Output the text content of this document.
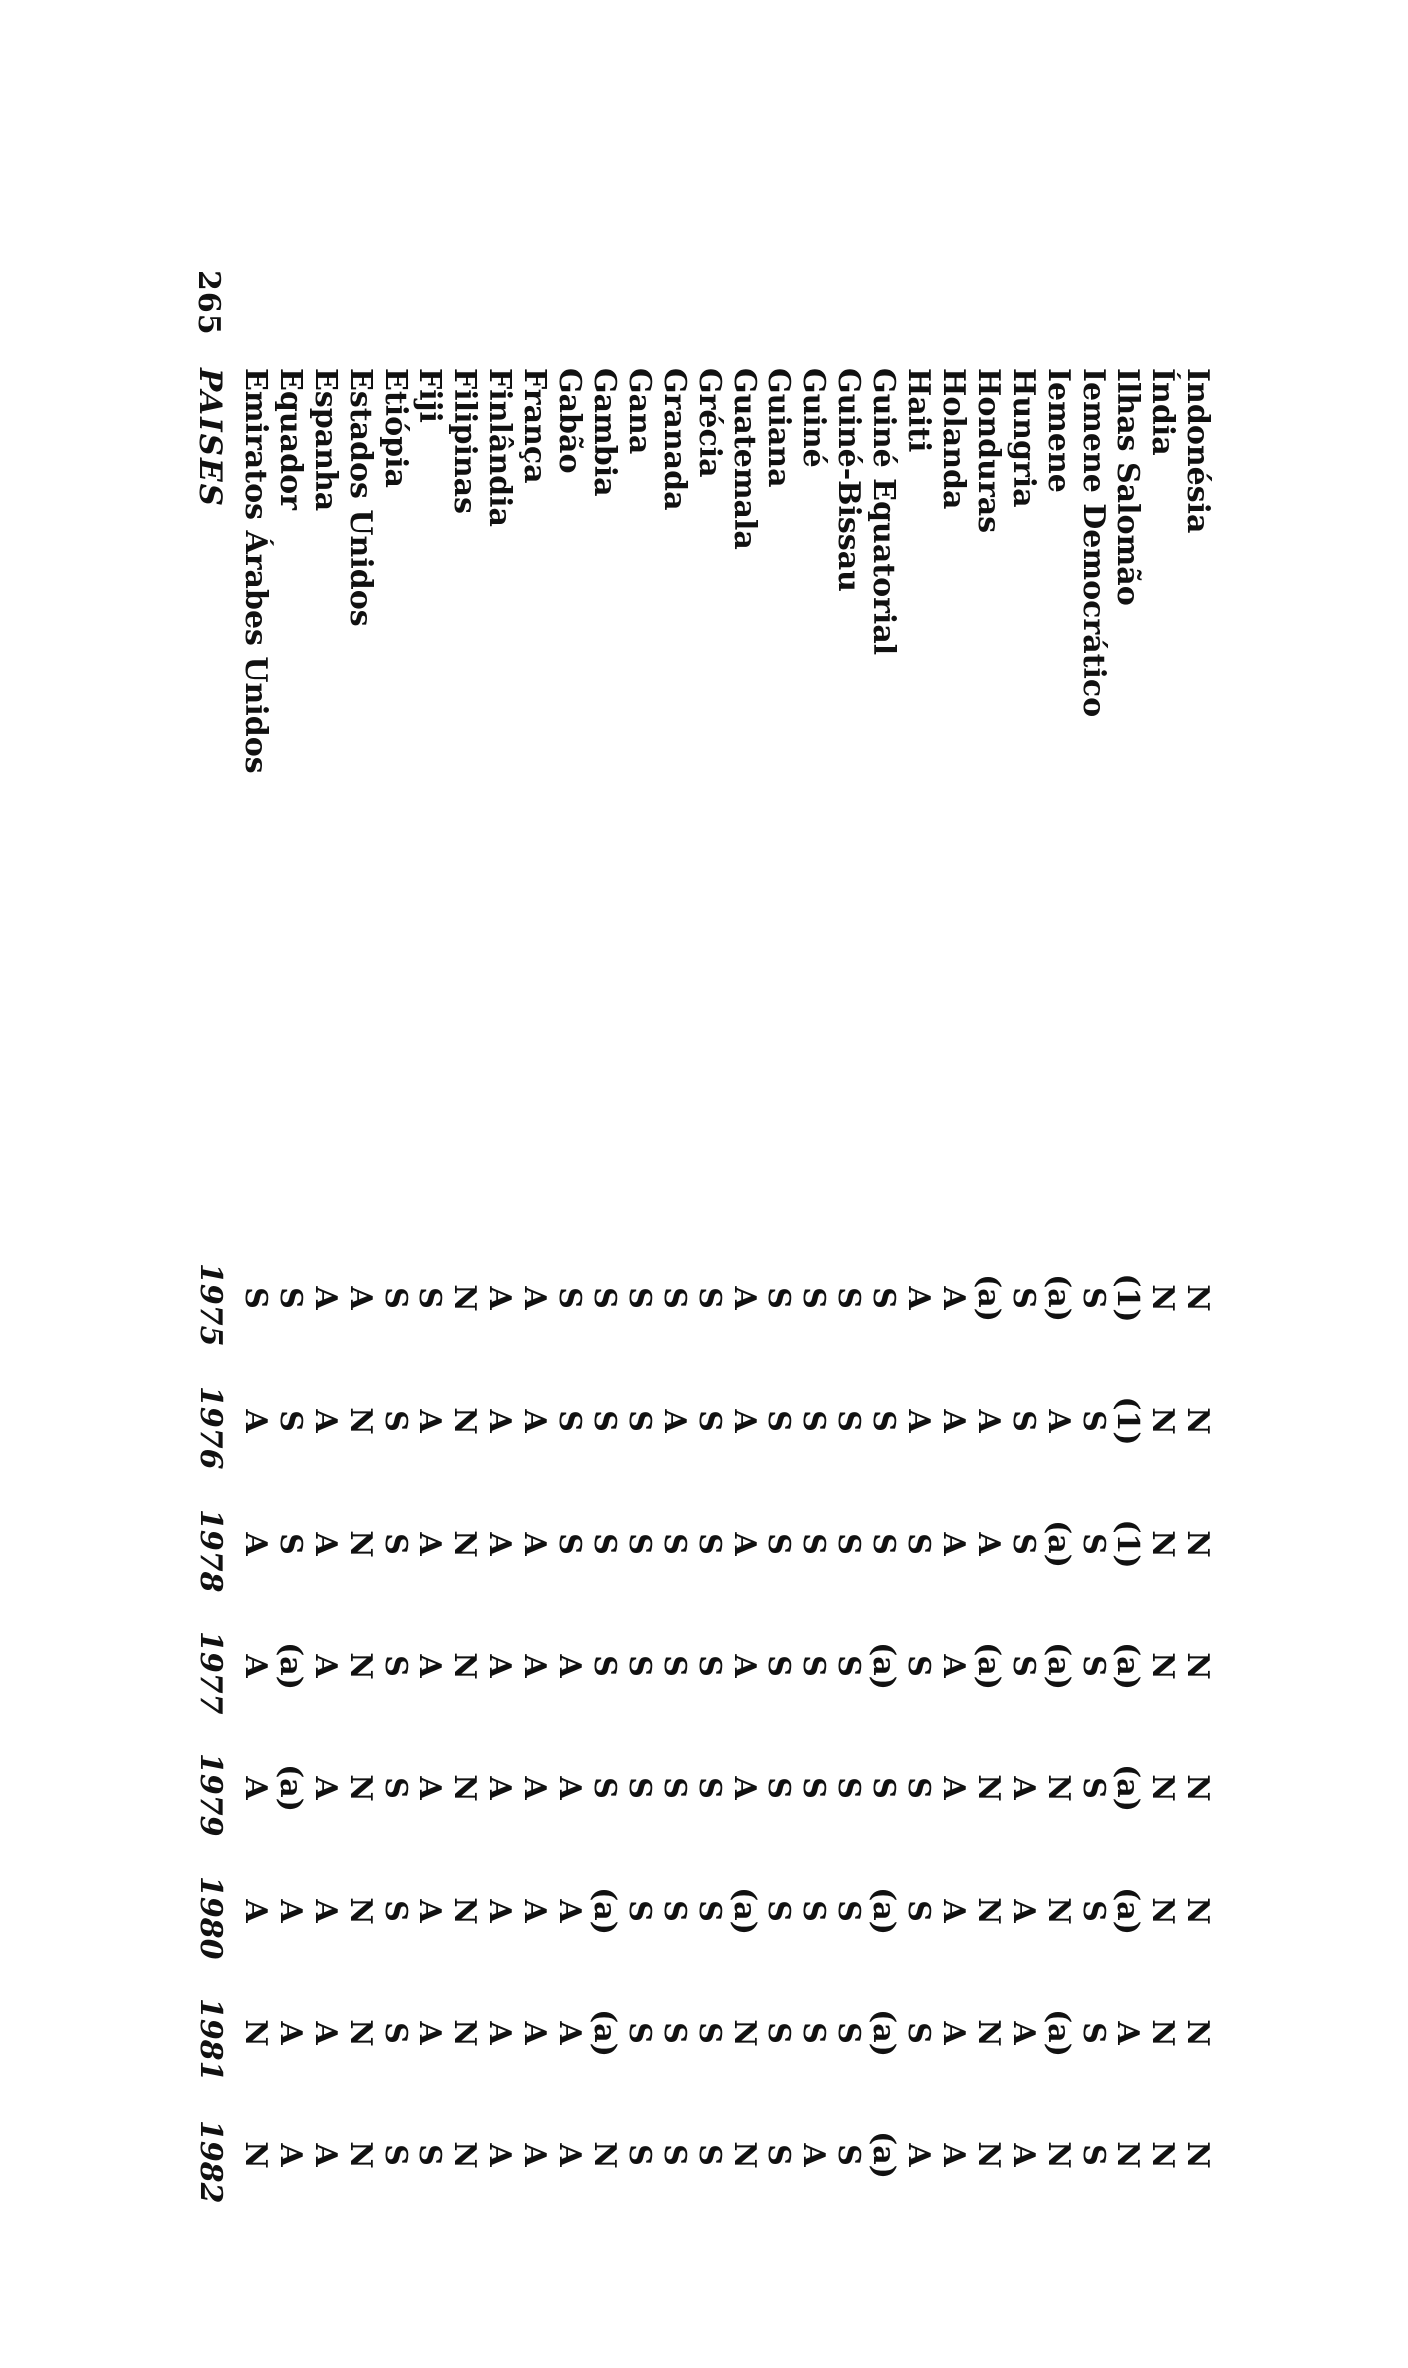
265
PAISES
1975
1976
1978
1977
1979
1980
1981
1982
Emiratos Árabes Unidos
S
A
A
A
A
A
N
N
Equador
S
S
S
(a)
(a)
A
A
A
Espanha
A
A
A
A
A
A
A
A
Estados Unidos
A
N
N
N
N
N
N
N
Etiópia
S
S
S
S
S
S
S
S
Fiji
S
A
A
A
A
A
A
S
Filipinas
N
N
N
N
N
N
N
N
Finlândia
A
A
A
A
A
A
A
A
França
A
A
A
A
A
A
A
A
Gabão
S
S
S
A
A
A
A
A
Gambia
S
S
S
S
S
(a)
(a)
N
Gana
S
S
S
S
S
S
S
S
Granada
S
A
S
S
S
S
S
S
Grécia
S
S
S
S
S
S
S
S
Guatemala
A
A
A
A
A
(a)
N
N
Guiana
S
S
S
S
S
S
S
S
Guiné
S
S
S
S
S
S
S
A
Guiné-Bissau
S
S
S
S
S
S
S
S
Guiné Equatorial
S
S
S
(a)
S
(a)
(a)
(a)
Haiti
A
A
S
S
S
S
S
A
Holanda
A
A
A
A
A
A
A
A
Honduras
(a)
A
A
(a)
N
N
N
N
Hungria
S
S
S
S
A
A
A
A
Iemene
(a)
A
(a)
(a)
N
N
(a)
N
Iemene Democrático
S
S
S
S
S
S
S
S
Ilhas Salomão
(1)
(1)
(1)
(a)
(a)
(a)
A
N
Índia
N
N
N
N
N
N
N
N
Indonésia
N
N
N
N
N
N
N
N
